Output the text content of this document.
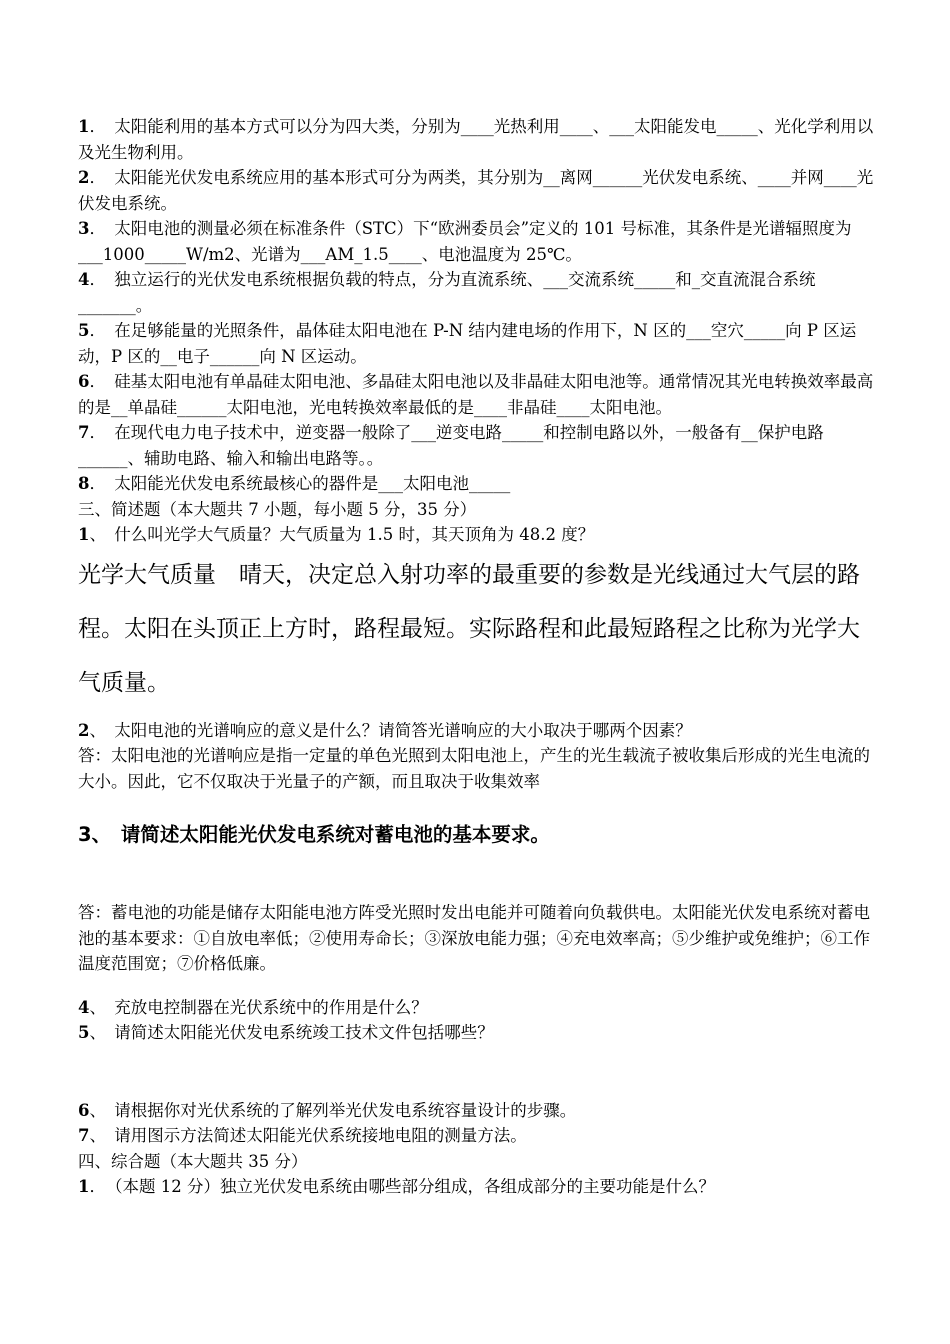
1．　太阳能利用的基本方式可以分为四大类，分别为____光热利用____、___太阳能发电_____、光化学利用以及光生物利用。

2．　太阳能光伏发电系统应用的基本形式可分为两类，其分别为__离网______光伏发电系统、____并网____光伏发电系统。

3．　太阳电池的测量必须在标准条件（STC）下“欧洲委员会”定义的 101 号标准，其条件是光谱辐照度为___1000_____W/m2、光谱为___AM_1.5____、电池温度为 25℃。

4．　独立运行的光伏发电系统根据负载的特点，分为直流系统、___交流系统_____和_交直流混合系统_______。

5．　在足够能量的光照条件，晶体硅太阳电池在 P-N 结内建电场的作用下，N 区的___空穴_____向 P 区运动，P 区的__电子______向 N 区运动。

6．　硅基太阳电池有单晶硅太阳电池、多晶硅太阳电池以及非晶硅太阳电池等。通常情况其光电转换效率最高的是__单晶硅______太阳电池，光电转换效率最低的是____非晶硅____太阳电池。

7．　在现代电力电子技术中，逆变器一般除了___逆变电路_____和控制电路以外，一般备有__保护电路______、辅助电路、输入和输出电路等。。

8．　太阳能光伏发电系统最核心的器件是___太阳电池_____

三、简述题（本大题共 7 小题，每小题 5 分，35 分）

1、　什么叫光学大气质量？大气质量为 1.5 时，其天顶角为 48.2 度？

光学大气质量　晴天，决定总入射功率的最重要的参数是光线通过大气层的路程。太阳在头顶正上方时，路程最短。实际路程和此最短路程之比称为光学大气质量。

2、　太阳电池的光谱响应的意义是什么？请简答光谱响应的大小取决于哪两个因素？

答：太阳电池的光谱响应是指一定量的单色光照到太阳电池上，产生的光生载流子被收集后形成的光生电流的大小。因此，它不仅取决于光量子的产额，而且取决于收集效率

3、　请简述太阳能光伏发电系统对蓄电池的基本要求。

答：蓄电池的功能是储存太阳能电池方阵受光照时发出电能并可随着向负载供电。太阳能光伏发电系统对蓄电池的基本要求：①自放电率低；②使用寿命长；③深放电能力强；④充电效率高；⑤少维护或免维护；⑥工作温度范围宽；⑦价格低廉。

4、　充放电控制器在光伏系统中的作用是什么？

5、　请简述太阳能光伏发电系统竣工技术文件包括哪些？

6、　请根据你对光伏系统的了解列举光伏发电系统容量设计的步骤。

7、　请用图示方法简述太阳能光伏系统接地电阻的测量方法。

四、综合题（本大题共 35 分）

1．　（本题 12 分）独立光伏发电系统由哪些部分组成，各组成部分的主要功能是什么？
